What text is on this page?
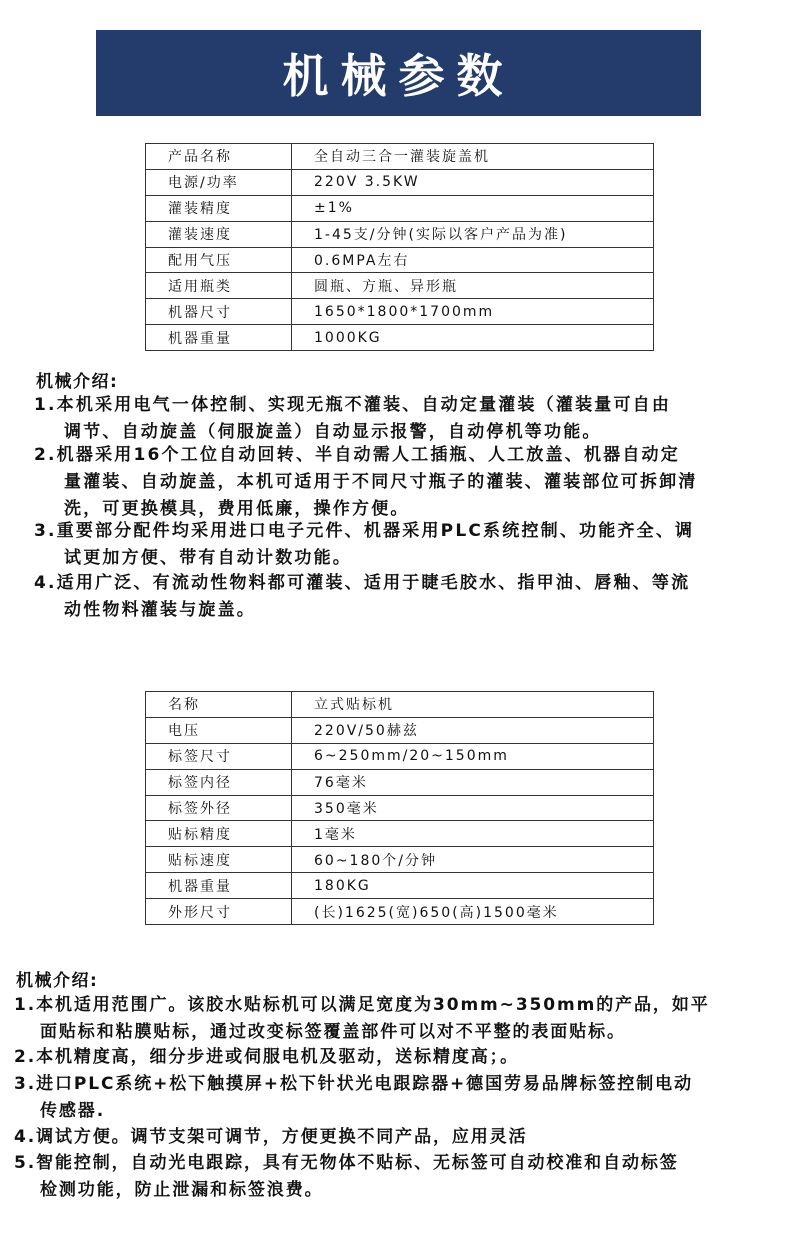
机械参数
产品名称	全自动三合一灌装旋盖机
电源/功率	220V 3.5KW
灌装精度	±1%
灌装速度	1-45支/分钟(实际以客户产品为准)
配用气压	0.6MPA左右
适用瓶类	圆瓶、方瓶、异形瓶
机器尺寸	1650*1800*1700mm
机器重量	1000KG
机械介绍:

1.本机采用电气一体控制、实现无瓶不灌装、自动定量灌装（灌装量可自由

调节、自动旋盖（伺服旋盖）自动显示报警，自动停机等功能。

2.机器采用16个工位自动回转、半自动需人工插瓶、人工放盖、机器自动定

量灌装、自动旋盖，本机可适用于不同尺寸瓶子的灌装、灌装部位可拆卸清

洗，可更换模具，费用低廉，操作方便。

3.重要部分配件均采用进口电子元件、机器采用PLC系统控制、功能齐全、调

试更加方便、带有自动计数功能。

4.适用广泛、有流动性物料都可灌装、适用于睫毛胶水、指甲油、唇釉、等流

动性物料灌装与旋盖。

名称	立式贴标机
电压	220V/50赫兹
标签尺寸	6~250mm/20~150mm
标签内径	76毫米
标签外径	350毫米
贴标精度	1毫米
贴标速度	60~180个/分钟
机器重量	180KG
外形尺寸	(长)1625(宽)650(高)1500毫米
机械介绍:

1.本机适用范围广。该胶水贴标机可以满足宽度为30mm~350mm的产品，如平

面贴标和粘膜贴标，通过改变标签覆盖部件可以对不平整的表面贴标。

2.本机精度高，细分步进或伺服电机及驱动，送标精度高；。

3.进口PLC系统+松下触摸屏+松下针状光电跟踪器+德国劳易品牌标签控制电动

传感器.

4.调试方便。调节支架可调节，方便更换不同产品，应用灵活

5.智能控制，自动光电跟踪，具有无物体不贴标、无标签可自动校准和自动标签

检测功能，防止泄漏和标签浪费。
